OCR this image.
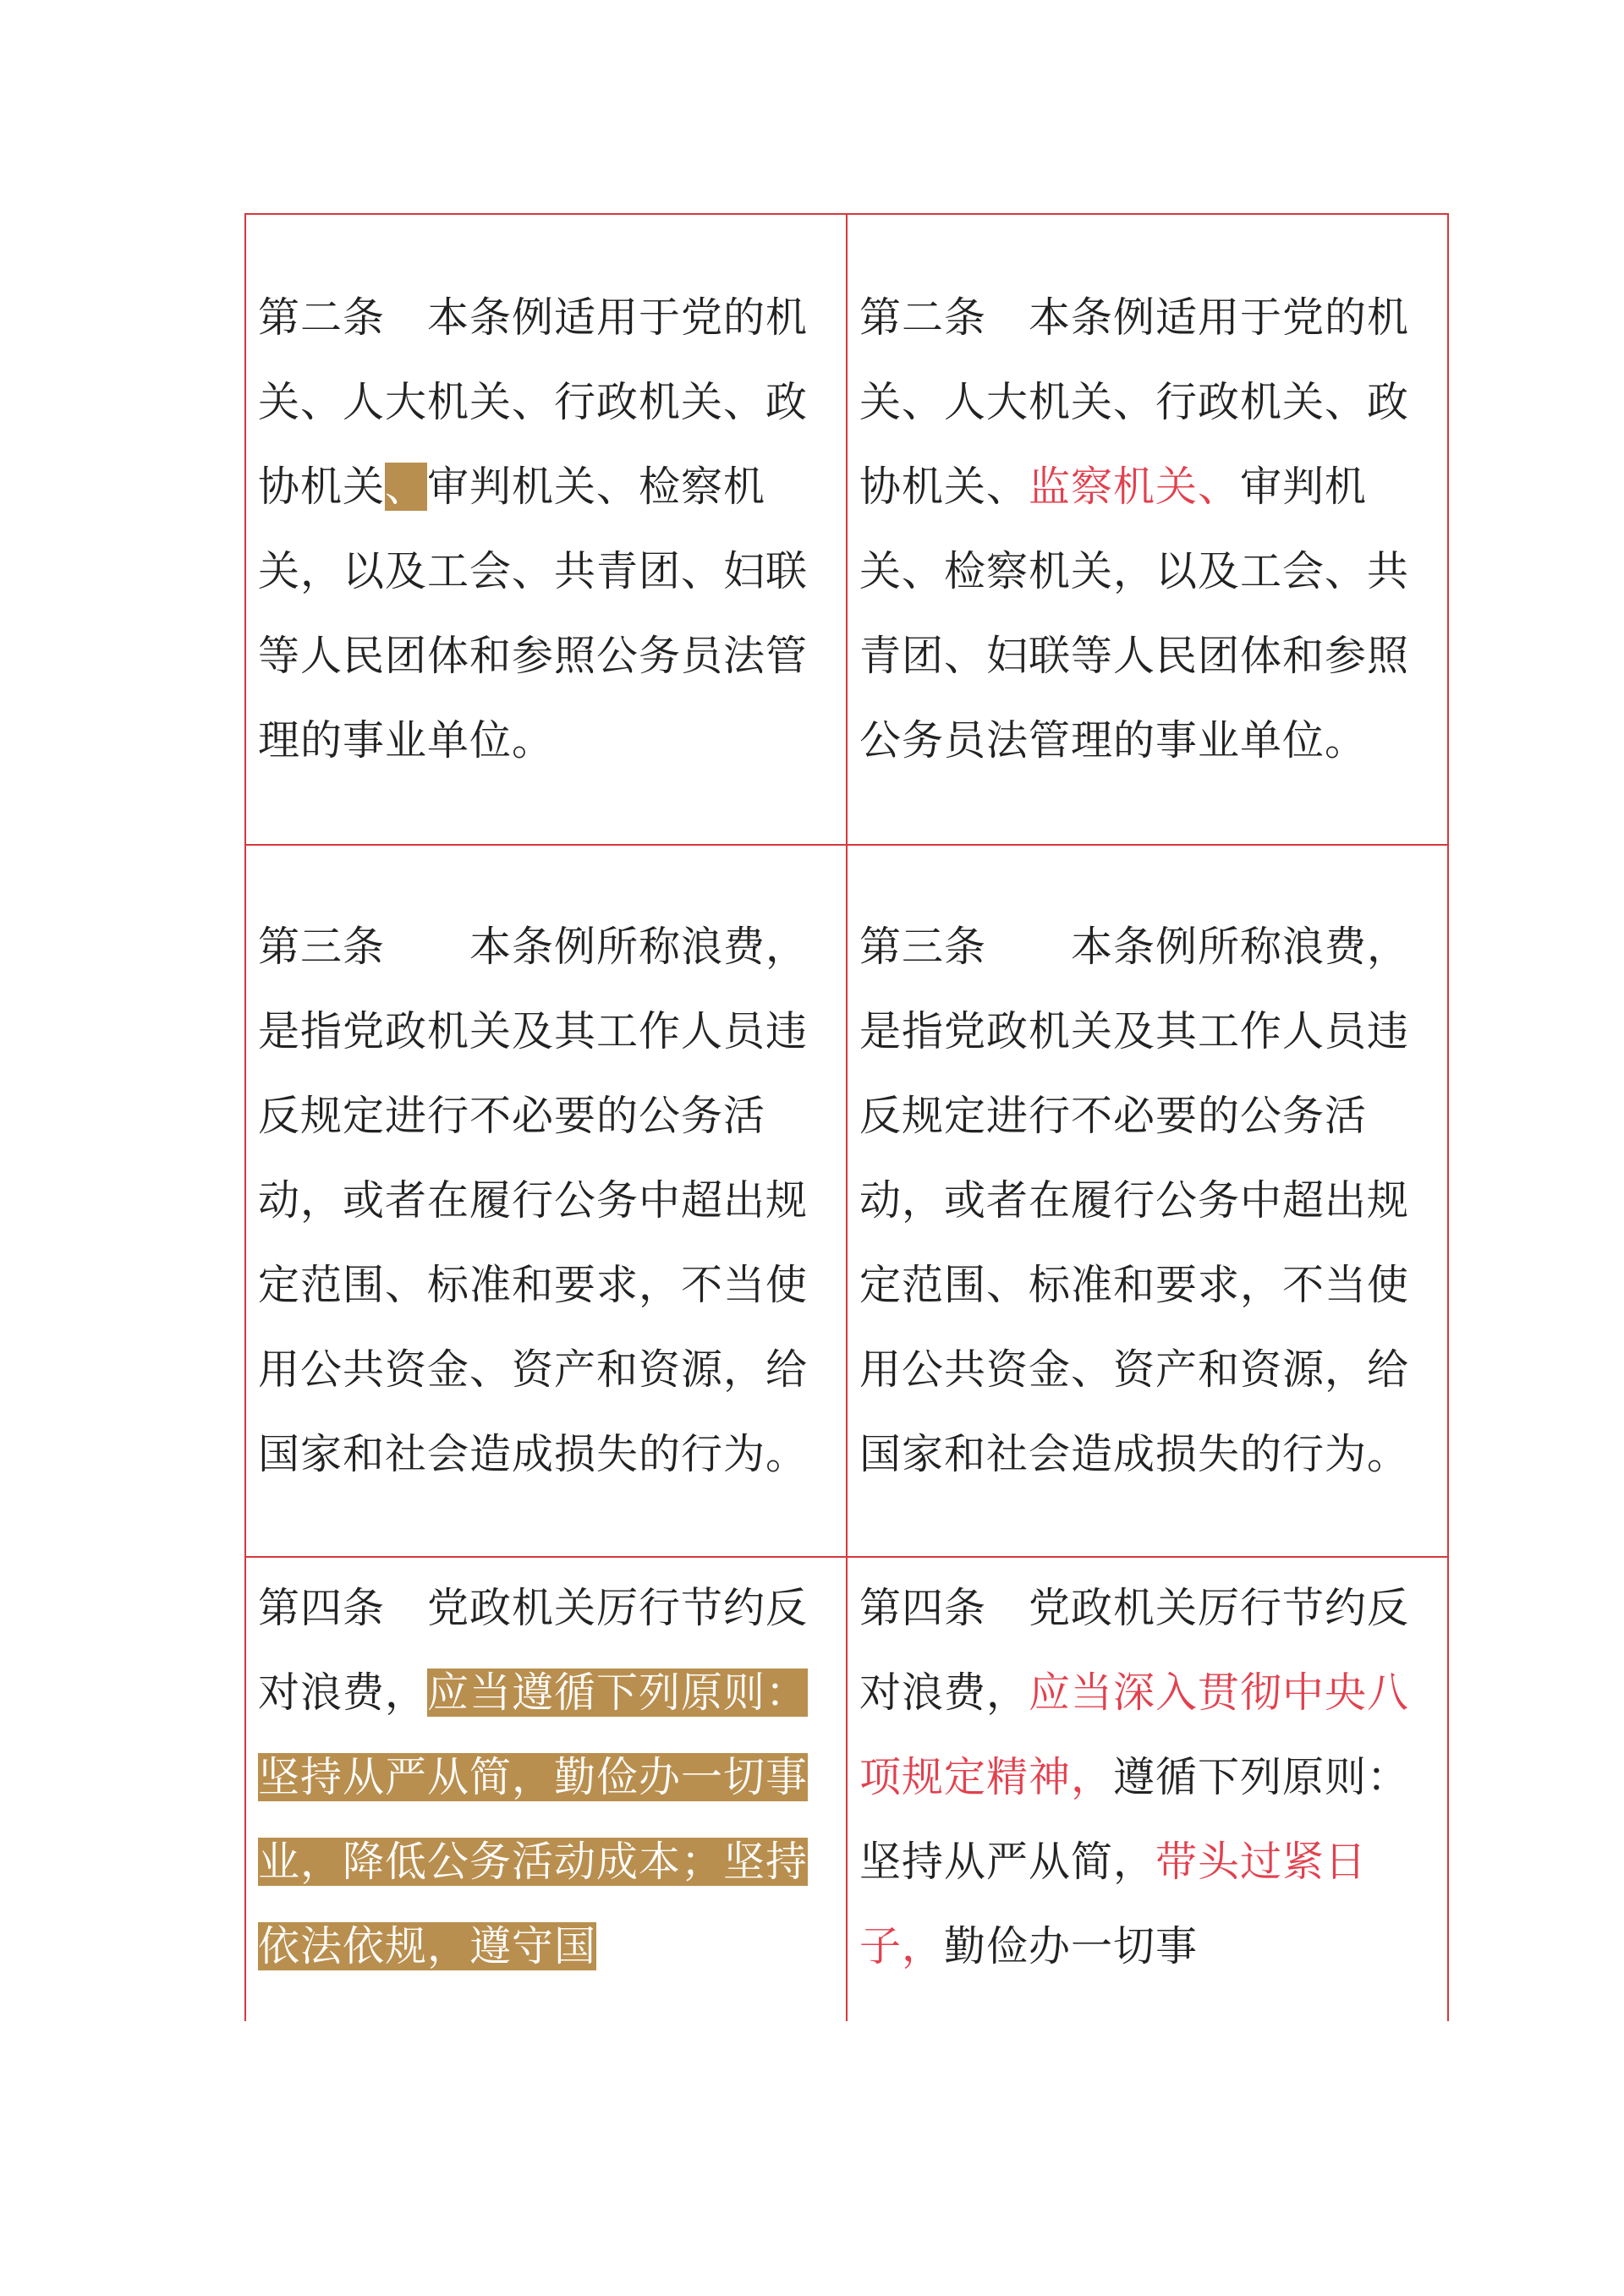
第二条　本条例适用于党的机关、人大机关、行政机关、政协机关、审判机关、检察机关，以及工会、共青团、妇联等人民团体和参照公务员法管理的事业单位。	第二条　本条例适用于党的机关、人大机关、行政机关、政协机关、监察机关、审判机关、检察机关，以及工会、共青团、妇联等人民团体和参照公务员法管理的事业单位。
第三条　　本条例所称浪费，是指党政机关及其工作人员违反规定进行不必要的公务活动，或者在履行公务中超出规定范围、标准和要求，不当使用公共资金、资产和资源，给国家和社会造成损失的行为。	第三条　　本条例所称浪费，是指党政机关及其工作人员违反规定进行不必要的公务活动，或者在履行公务中超出规定范围、标准和要求，不当使用公共资金、资产和资源，给国家和社会造成损失的行为。
第四条　党政机关厉行节约反对浪费，应当遵循下列原则：坚持从严从简，勤俭办一切事业，降低公务活动成本；坚持依法依规，遵守国	第四条　党政机关厉行节约反对浪费，应当深入贯彻中央八项规定精神，遵循下列原则：坚持从严从简，带头过紧日子，勤俭办一切事
